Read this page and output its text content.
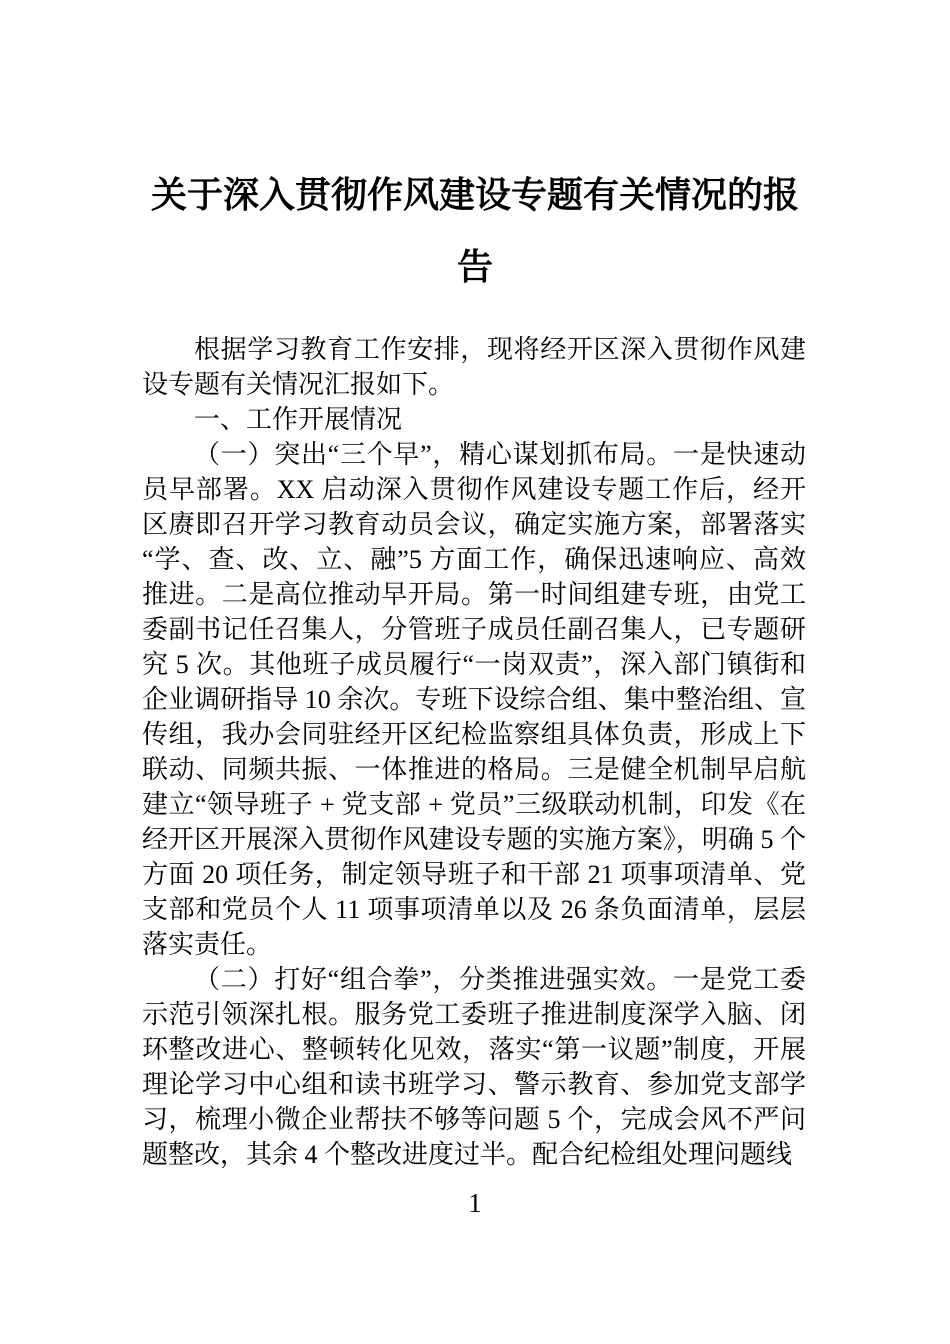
关于深入贯彻作风建设专题有关情况的报告

根据学习教育工作安排，现将经开区深入贯彻作风建设专题有关情况汇报如下。

一、工作开展情况

（一）突出“三个早”，精心谋划抓布局。一是快速动员早部署。XX 启动深入贯彻作风建设专题工作后，经开区赓即召开学习教育动员会议，确定实施方案，部署落实“学、查、改、立、融”5 方面工作，确保迅速响应、高效推进。二是高位推动早开局。第一时间组建专班，由党工委副书记任召集人，分管班子成员任副召集人，已专题研究 5 次。其他班子成员履行“一岗双责”，深入部门镇街和企业调研指导 10 余次。专班下设综合组、集中整治组、宣传组，我办会同驻经开区纪检监察组具体负责，形成上下联动、同频共振、一体推进的格局。三是健全机制早启航建立“领导班子 + 党支部 + 党员”三级联动机制，印发《在经开区开展深入贯彻作风建设专题的实施方案》，明确 5 个方面 20 项任务，制定领导班子和干部 21 项事项清单、党支部和党员个人 11 项事项清单以及 26 条负面清单，层层落实责任。

（二）打好“组合拳”，分类推进强实效。一是党工委示范引领深扎根。服务党工委班子推进制度深学入脑、闭环整改进心、整顿转化见效，落实“第一议题”制度，开展理论学习中心组和读书班学习、警示教育、参加党支部学习，梳理小微企业帮扶不够等问题 5 个，完成会风不严问题整改，其余 4 个整改进度过半。配合纪检组处理问题线

1
